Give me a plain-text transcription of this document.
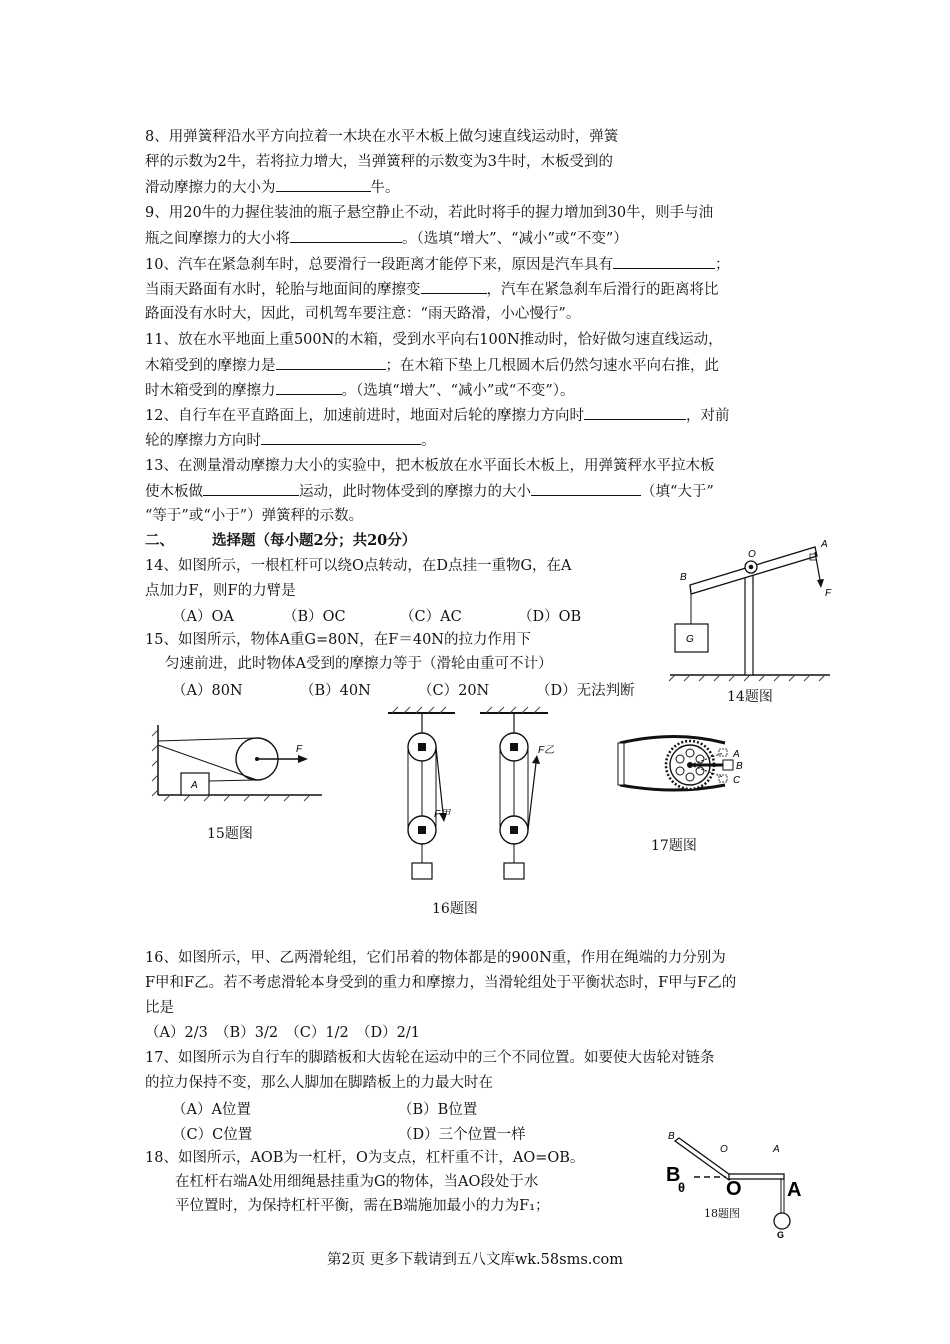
8、用弹簧秤沿水平方向拉着一木块在水平木板上做匀速直线运动时，弹簧
秤的示数为2牛，若将拉力增大，当弹簧秤的示数变为3牛时，木板受到的
滑动摩擦力的大小为	牛。
9、用20牛的力握住装油的瓶子悬空静止不动，若此时将手的握力增加到30牛，则手与油
瓶之间摩擦力的大小将	。（选填“增大”、“减小”或“不变”）
10、汽车在紧急刹车时，总要滑行一段距离才能停下来，原因是汽车具有	；
当雨天路面有水时，轮胎与地面间的摩擦变	，汽车在紧急刹车后滑行的距离将比
路面没有水时大，因此，司机驾车要注意：“雨天路滑，小心慢行”。
11、放在水平地面上重500N的木箱，受到水平向右100N推动时，恰好做匀速直线运动，
木箱受到的摩擦力是	；在木箱下垫上几根圆木后仍然匀速水平向右推，此
时木箱受到的摩擦力	。（选填“增大”、“减小”或“不变”）。
12、自行车在平直路面上，加速前进时，地面对后轮的摩擦力方向时	，对前
轮的摩擦力方向时	。
13、在测量滑动摩擦力大小的实验中，把木板放在水平面长木板上，用弹簧秤水平拉木板
使木板做	运动，此时物体受到的摩擦力的大小	（填“大于”
“等于”或“小于”）弹簧秤的示数。
二、	选择题（每小题2分；共20分）
14、如图所示，一根杠杆可以绕O点转动，在D点挂一重物G，在A
点加力F，则F的力臂是
（A）OA	（B）OC	（C）AC	（D）OB
15、如图所示，物体A重G=80N，在F＝40N的拉力作用下
匀速前进，此时物体A受到的摩擦力等于（滑轮由重可不计）
（A）80N	（B）40N	（C）20N	（D）无法判断
G
O
A
B
F
14题图
A
F
15题图
F甲
F乙
16题图
A
B
C
17题图
16、如图所示，甲、乙两滑轮组，它们吊着的物体都是的900N重，作用在绳端的力分别为
F甲和F乙。若不考虑滑轮本身受到的重力和摩擦力，当滑轮组处于平衡状态时，F甲与F乙的
比是
（A）2/3　（B）3/2　（C）1/2　（D）2/1
17、如图所示为自行车的脚踏板和大齿轮在运动中的三个不同位置。如要使大齿轮对链条
的拉力保持不变，那么人脚加在脚踏板上的力最大时在
（A）A位置	（B）B位置
（C）C位置	（D）三个位置一样
18、如图所示，AOB为一杠杆，O为支点，杠杆重不计，AO=OB。
在杠杆右端A处用细绳悬挂重为G的物体，当AO段处于水
平位置时，为保持杠杆平衡，需在B端施加最小的力为F₁；
B
O	A
B
θ O A
G
18题图
第2页 更多下载请到五八文库wk.58sms.com
